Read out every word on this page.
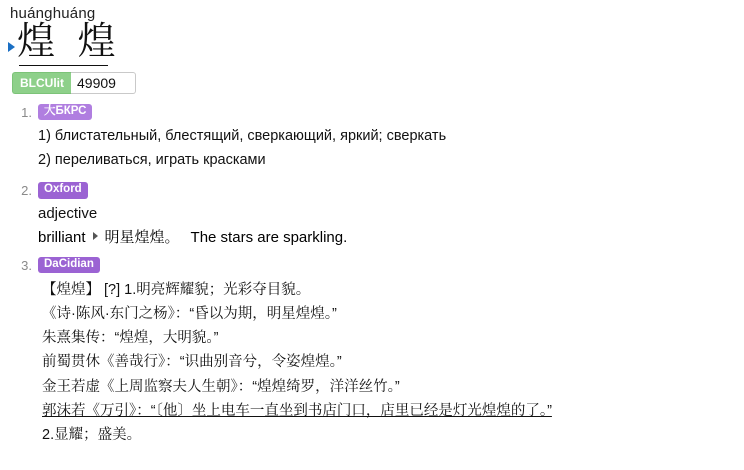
huánghuáng
煌 煌
BLCUlit 49909
1.	大БКРС
1) блистательный, блестящий, сверкающий, яркий; сверкать
2) переливаться, играть красками
2.	Oxford
adjective
brilliant 明星煌煌。 The stars are sparkling.
3.	DaCidian
【煌煌】 [?] 1.明亮辉耀貌；光彩夺目貌。
《诗·陈风·东门之杨》：“昏以为期，明星煌煌。”
朱熹集传：“煌煌，大明貌。”
前蜀贯休《善哉行》：“识曲别音兮，令姿煌煌。”
金王若虚《上周监察夫人生朝》：“煌煌绮罗，洋洋丝竹。”
郭沫若《万引》：“〔他〕坐上电车一直坐到书店门口，店里已经是灯光煌煌的了。”
2.显耀；盛美。
